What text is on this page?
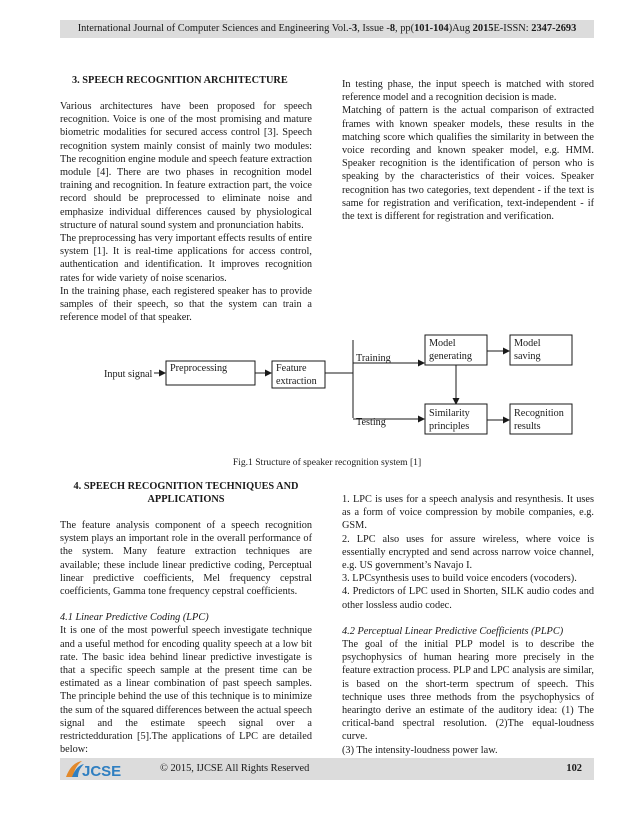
International Journal of Computer Sciences and Engineering Vol.-3, Issue -8, pp(101-104)Aug 2015E-ISSN: 2347-2693

3. SPEECH RECOGNITION ARCHITECTURE

Various architectures have been proposed for speech recognition. Voice is one of the most promising and mature biometric modalities for secured access control [3]. Speech recognition system mainly consist of mainly two modules: The recognition engine module and speech feature extraction module [4]. There are two phases in recognition model training and recognition. In feature extraction part, the voice record should be preprocessed to eliminate noise and emphasize individual differences caused by physiological structure of natural sound system and pronunciation habits.

The preprocessing has very important effects results of entire system [1]. It is real-time applications for access control, authentication and identification. It improves recognition rates for wide variety of noise scenarios.

In the training phase, each registered speaker has to provide samples of their speech, so that the system can train a reference model of that speaker.

In testing phase, the input speech is matched with stored reference model and a recognition decision is made.

Matching of pattern is the actual comparison of extracted frames with known speaker models, these results in the matching score which qualifies the similarity in between the voice recording and known speaker model, e.g. HMM. Speaker recognition is the identification of person who is speaking by the characteristics of their voices. Speaker recognition has two categories, text dependent - if the text is same for registration and verification, text-independent - if the text is different for registration and verification.

Input signal
Preprocessing	Feature
extraction
Training
Testing
Model
generating
Model
saving
Similarity
principles
Recognition
results
Fig.1 Structure of speaker recognition system [1]

4. SPEECH RECOGNITION TECHNIQUES AND

APPLICATIONS

The feature analysis component of a speech recognition system plays an important role in the overall performance of the system. Many feature extraction techniques are available; these include linear predictive coding, Perceptual linear predictive coefficients, Mel frequency cepstral coefficients, Gamma tone frequency cepstral coefficients.

4.1 Linear Predictive Coding (LPC)

It is one of the most powerful speech investigate technique and a useful method for encoding quality speech at a low bit rate. The basic idea behind linear predictive investigate is that a specific speech sample at the present time can be estimated as a linear combination of past speech samples. The principle behind the use of this technique is to minimize the sum of the squared differences between the actual speech signal and the estimate speech signal over a restrictedduration [5].The applications of LPC are detailed below:

1. LPC is uses for a speech analysis and resynthesis. It uses as a form of voice compression by mobile companies, e.g. GSM.

2. LPC also uses for assure wireless, where voice is essentially encrypted and send across narrow voice channel, e.g. US government’s Navajo I.

3. LPCsynthesis uses to build voice encoders (vocoders).

4. Predictors of LPC used in Shorten, SILK audio codes and other lossless audio codec.

4.2 Perceptual Linear Predictive Coefficients (PLPC)

The goal of the initial PLP model is to describe the psychophysics of human hearing more precisely in the feature extraction process. PLP and LPC analysis are similar, is based on the short-term spectrum of speech. This technique uses three methods from the psychophysics of hearingto derive an estimate of the auditory idea: (1) The critical-band spectral resolution. (2)The equal-loudness curve.

(3) The intensity-loudness power law.

JCSE	© 2015, IJCSE All Rights Reserved	102
